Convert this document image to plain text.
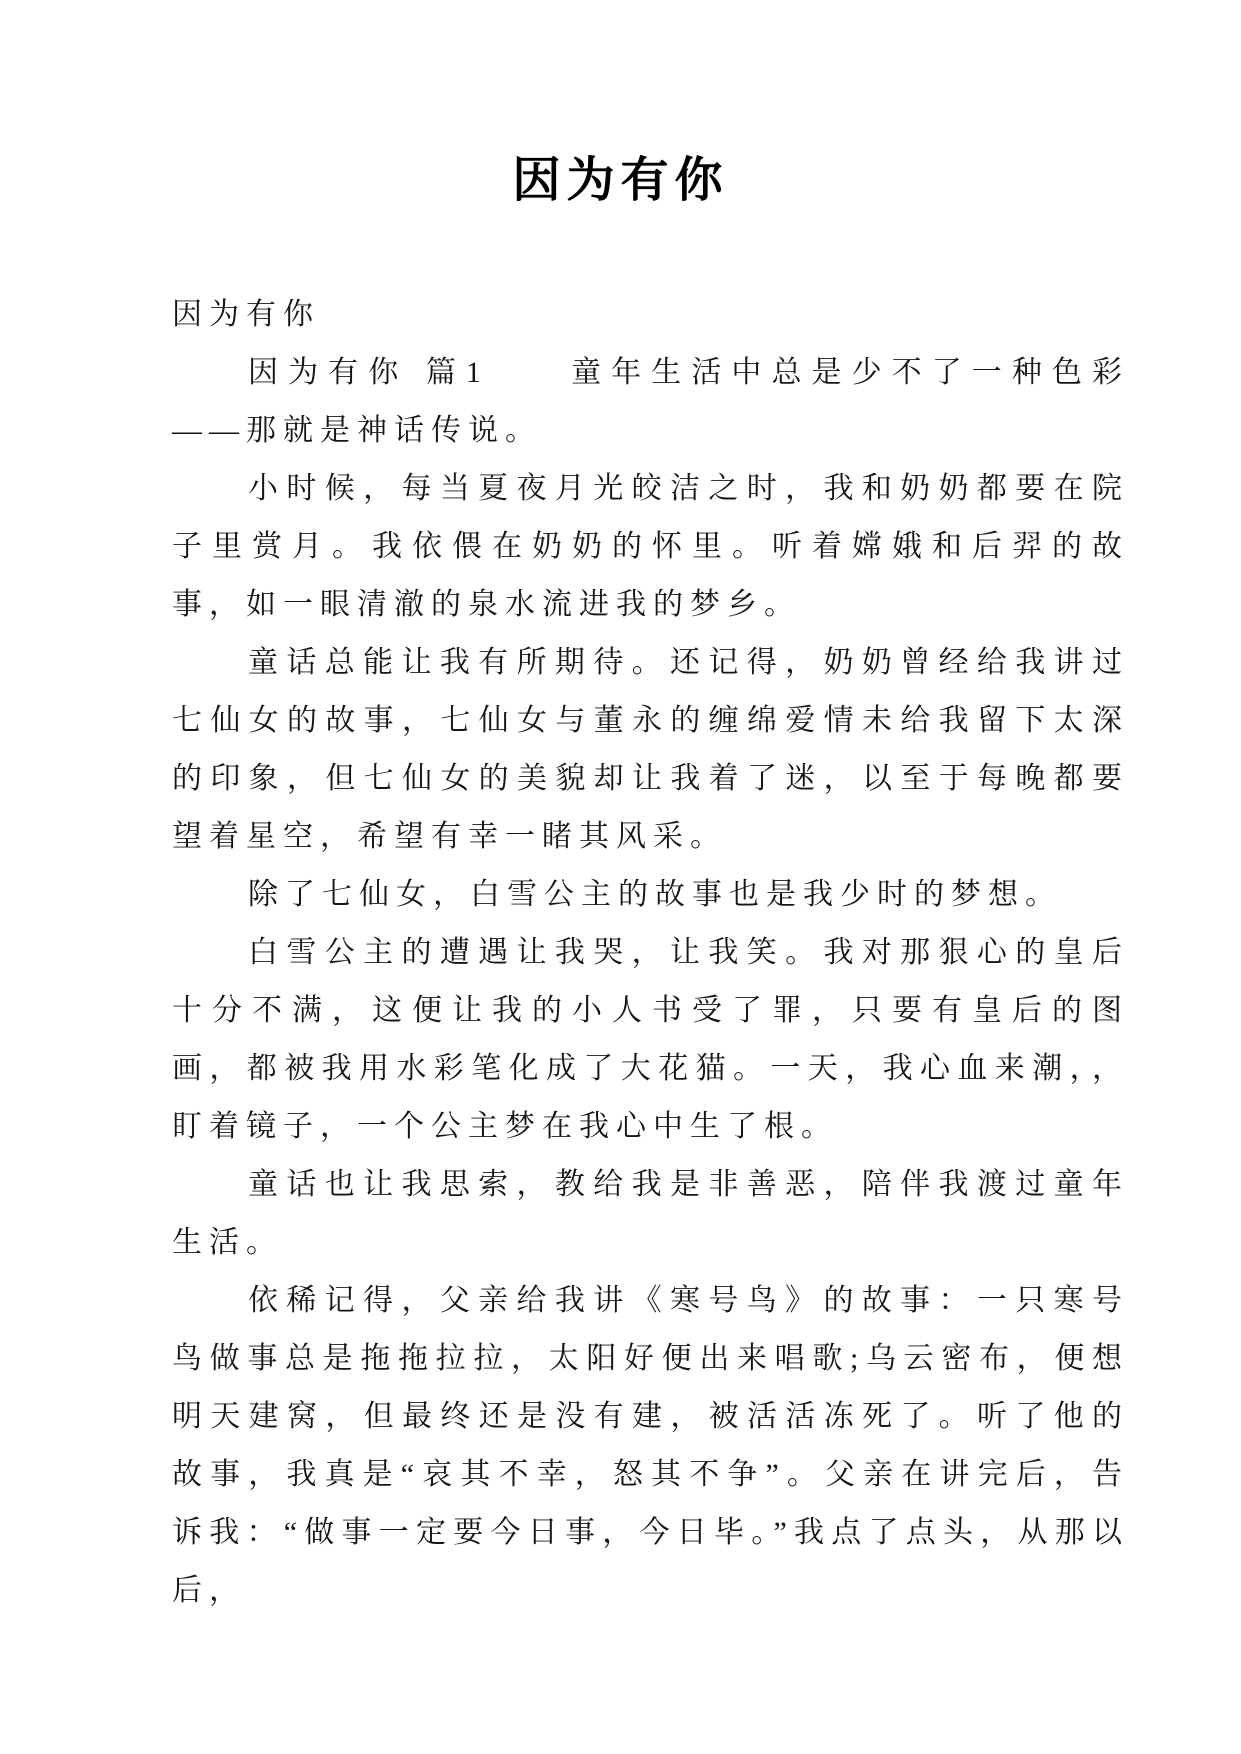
因为有你

因为有你

因为有你 篇1　　童年生活中总是少不了一种色彩——那就是神话传说。

小时候，每当夏夜月光皎洁之时，我和奶奶都要在院子里赏月。我依偎在奶奶的怀里。听着嫦娥和后羿的故事，如一眼清澈的泉水流进我的梦乡。

童话总能让我有所期待。还记得，奶奶曾经给我讲过七仙女的故事，七仙女与董永的缠绵爱情未给我留下太深的印象，但七仙女的美貌却让我着了迷，以至于每晚都要望着星空，希望有幸一睹其风采。

除了七仙女，白雪公主的故事也是我少时的梦想。

白雪公主的遭遇让我哭，让我笑。我对那狠心的皇后十分不满，这便让我的小人书受了罪，只要有皇后的图画，都被我用水彩笔化成了大花猫。一天，我心血来潮，，盯着镜子，一个公主梦在我心中生了根。

童话也让我思索，教给我是非善恶，陪伴我渡过童年生活。

依稀记得，父亲给我讲《寒号鸟》的故事：一只寒号鸟做事总是拖拖拉拉，太阳好便出来唱歌;乌云密布，便想明天建窝，但最终还是没有建，被活活冻死了。听了他的故事，我真是“哀其不幸，怒其不争”。父亲在讲完后，告诉我：“做事一定要今日事，今日毕。”我点了点头，从那以后，
